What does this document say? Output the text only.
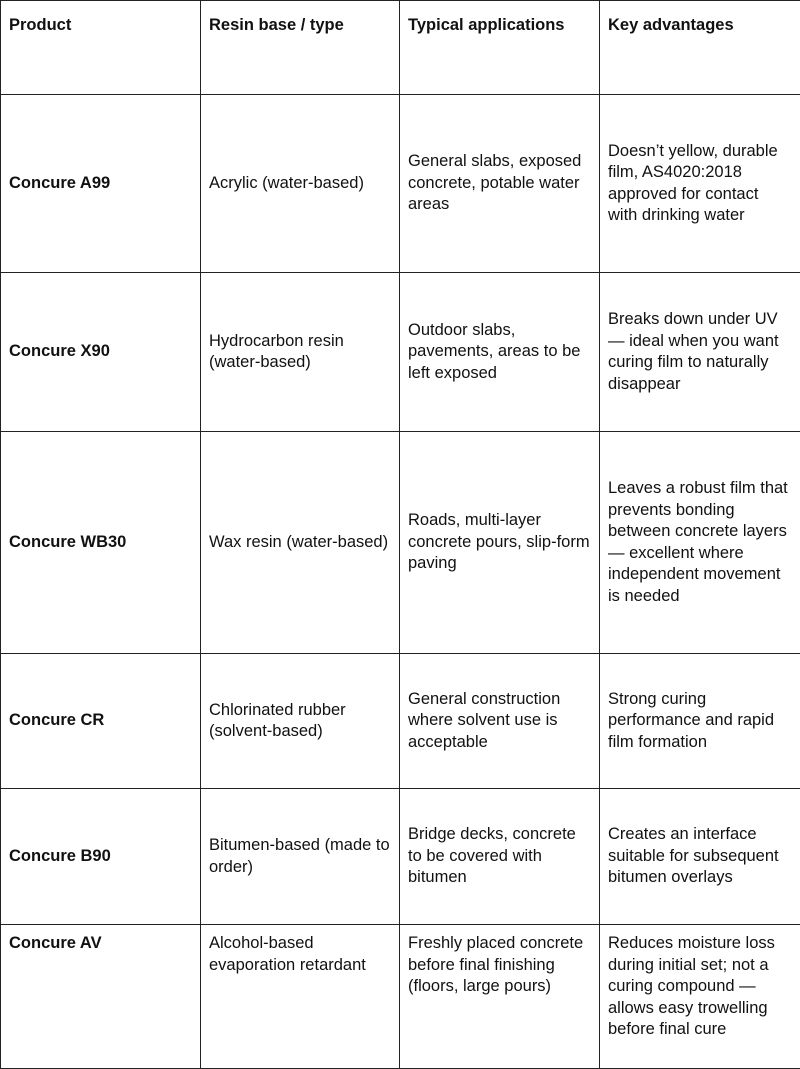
Product	Resin base / type	Typical applications	Key advantages
Concure A99	Acrylic (water-based)	General slabs, exposed concrete, potable water areas	Doesn’t yellow, durable film, AS4020:2018 approved for contact with drinking water
Concure X90	Hydrocarbon resin (water-based)	Outdoor slabs, pavements, areas to be left exposed	Breaks down under UV — ideal when you want curing film to naturally disappear
Concure WB30	Wax resin (water-based)	Roads, multi-layer concrete pours, slip-form paving	Leaves a robust film that prevents bonding between concrete layers — excellent where independent movement is needed
Concure CR	Chlorinated rubber (solvent-based)	General construction where solvent use is acceptable	Strong curing performance and rapid film formation
Concure B90	Bitumen-based (made to order)	Bridge decks, concrete to be covered with bitumen	Creates an interface suitable for subsequent bitumen overlays
Concure AV	Alcohol-based evaporation retardant	Freshly placed concrete before final finishing (floors, large pours)	Reduces moisture loss during initial set; not a curing compound —allows easy trowelling before final cure
